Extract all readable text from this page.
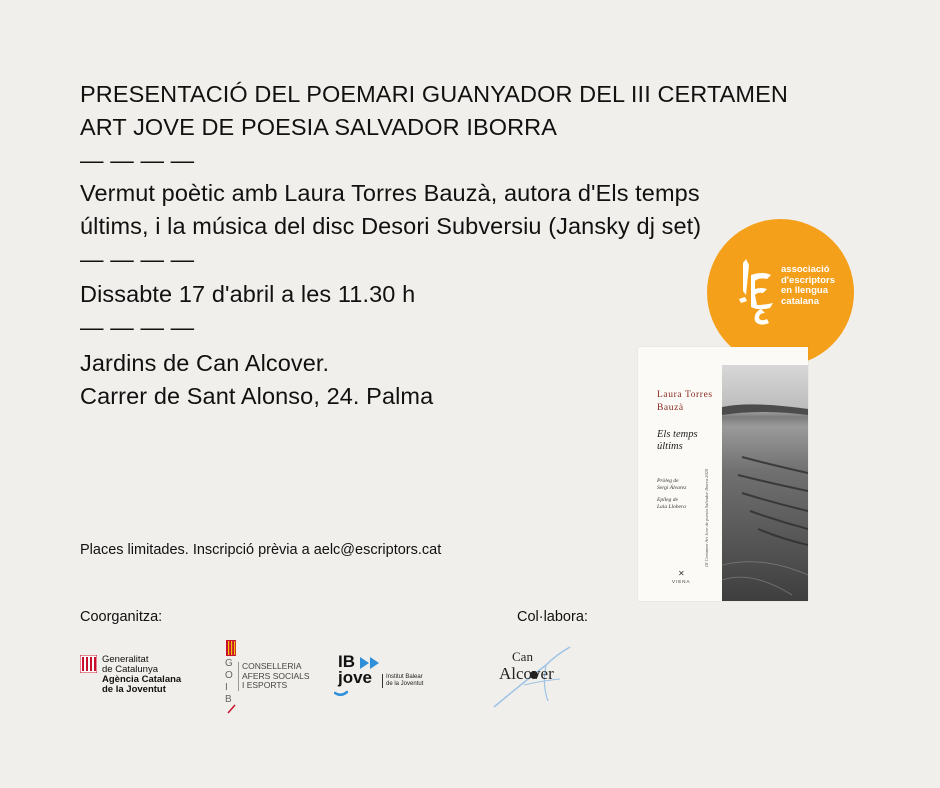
PRESENTACIÓ DEL POEMARI GUANYADOR DEL III CERTAMEN
ART JOVE DE POESIA SALVADOR IBORRA
— — — —
Vermut poètic amb Laura Torres Bauzà, autora d'Els temps
últims, i la música del disc Desori Subversiu (Jansky dj set)
— — — —
Dissabte 17 d'abril a les 11.30 h
— — — —
Jardins de Can Alcover.
Carrer de Sant Alonso, 24. Palma
Places limitades. Inscripció prèvia a aelc@escriptors.cat
associació
d'escriptors
en llengua
catalana
Laura Torres
Bauzà
Els temps
últims
Pròleg de
Sergi Álvarez
Epíleg de
Laia Llobera	III Certamen Art Jove de poesia Salvador Iborra 2020
✕
VIENA
Coorganitza:	Col·labora:
Generalitat
de Catalunya
Agència Catalana
de la Joventut
G
O
I
B
CONSELLERIA
AFERS SOCIALS
I ESPORTS
IB
jove Institut Balear
de la Joventut
Can
Alcover
